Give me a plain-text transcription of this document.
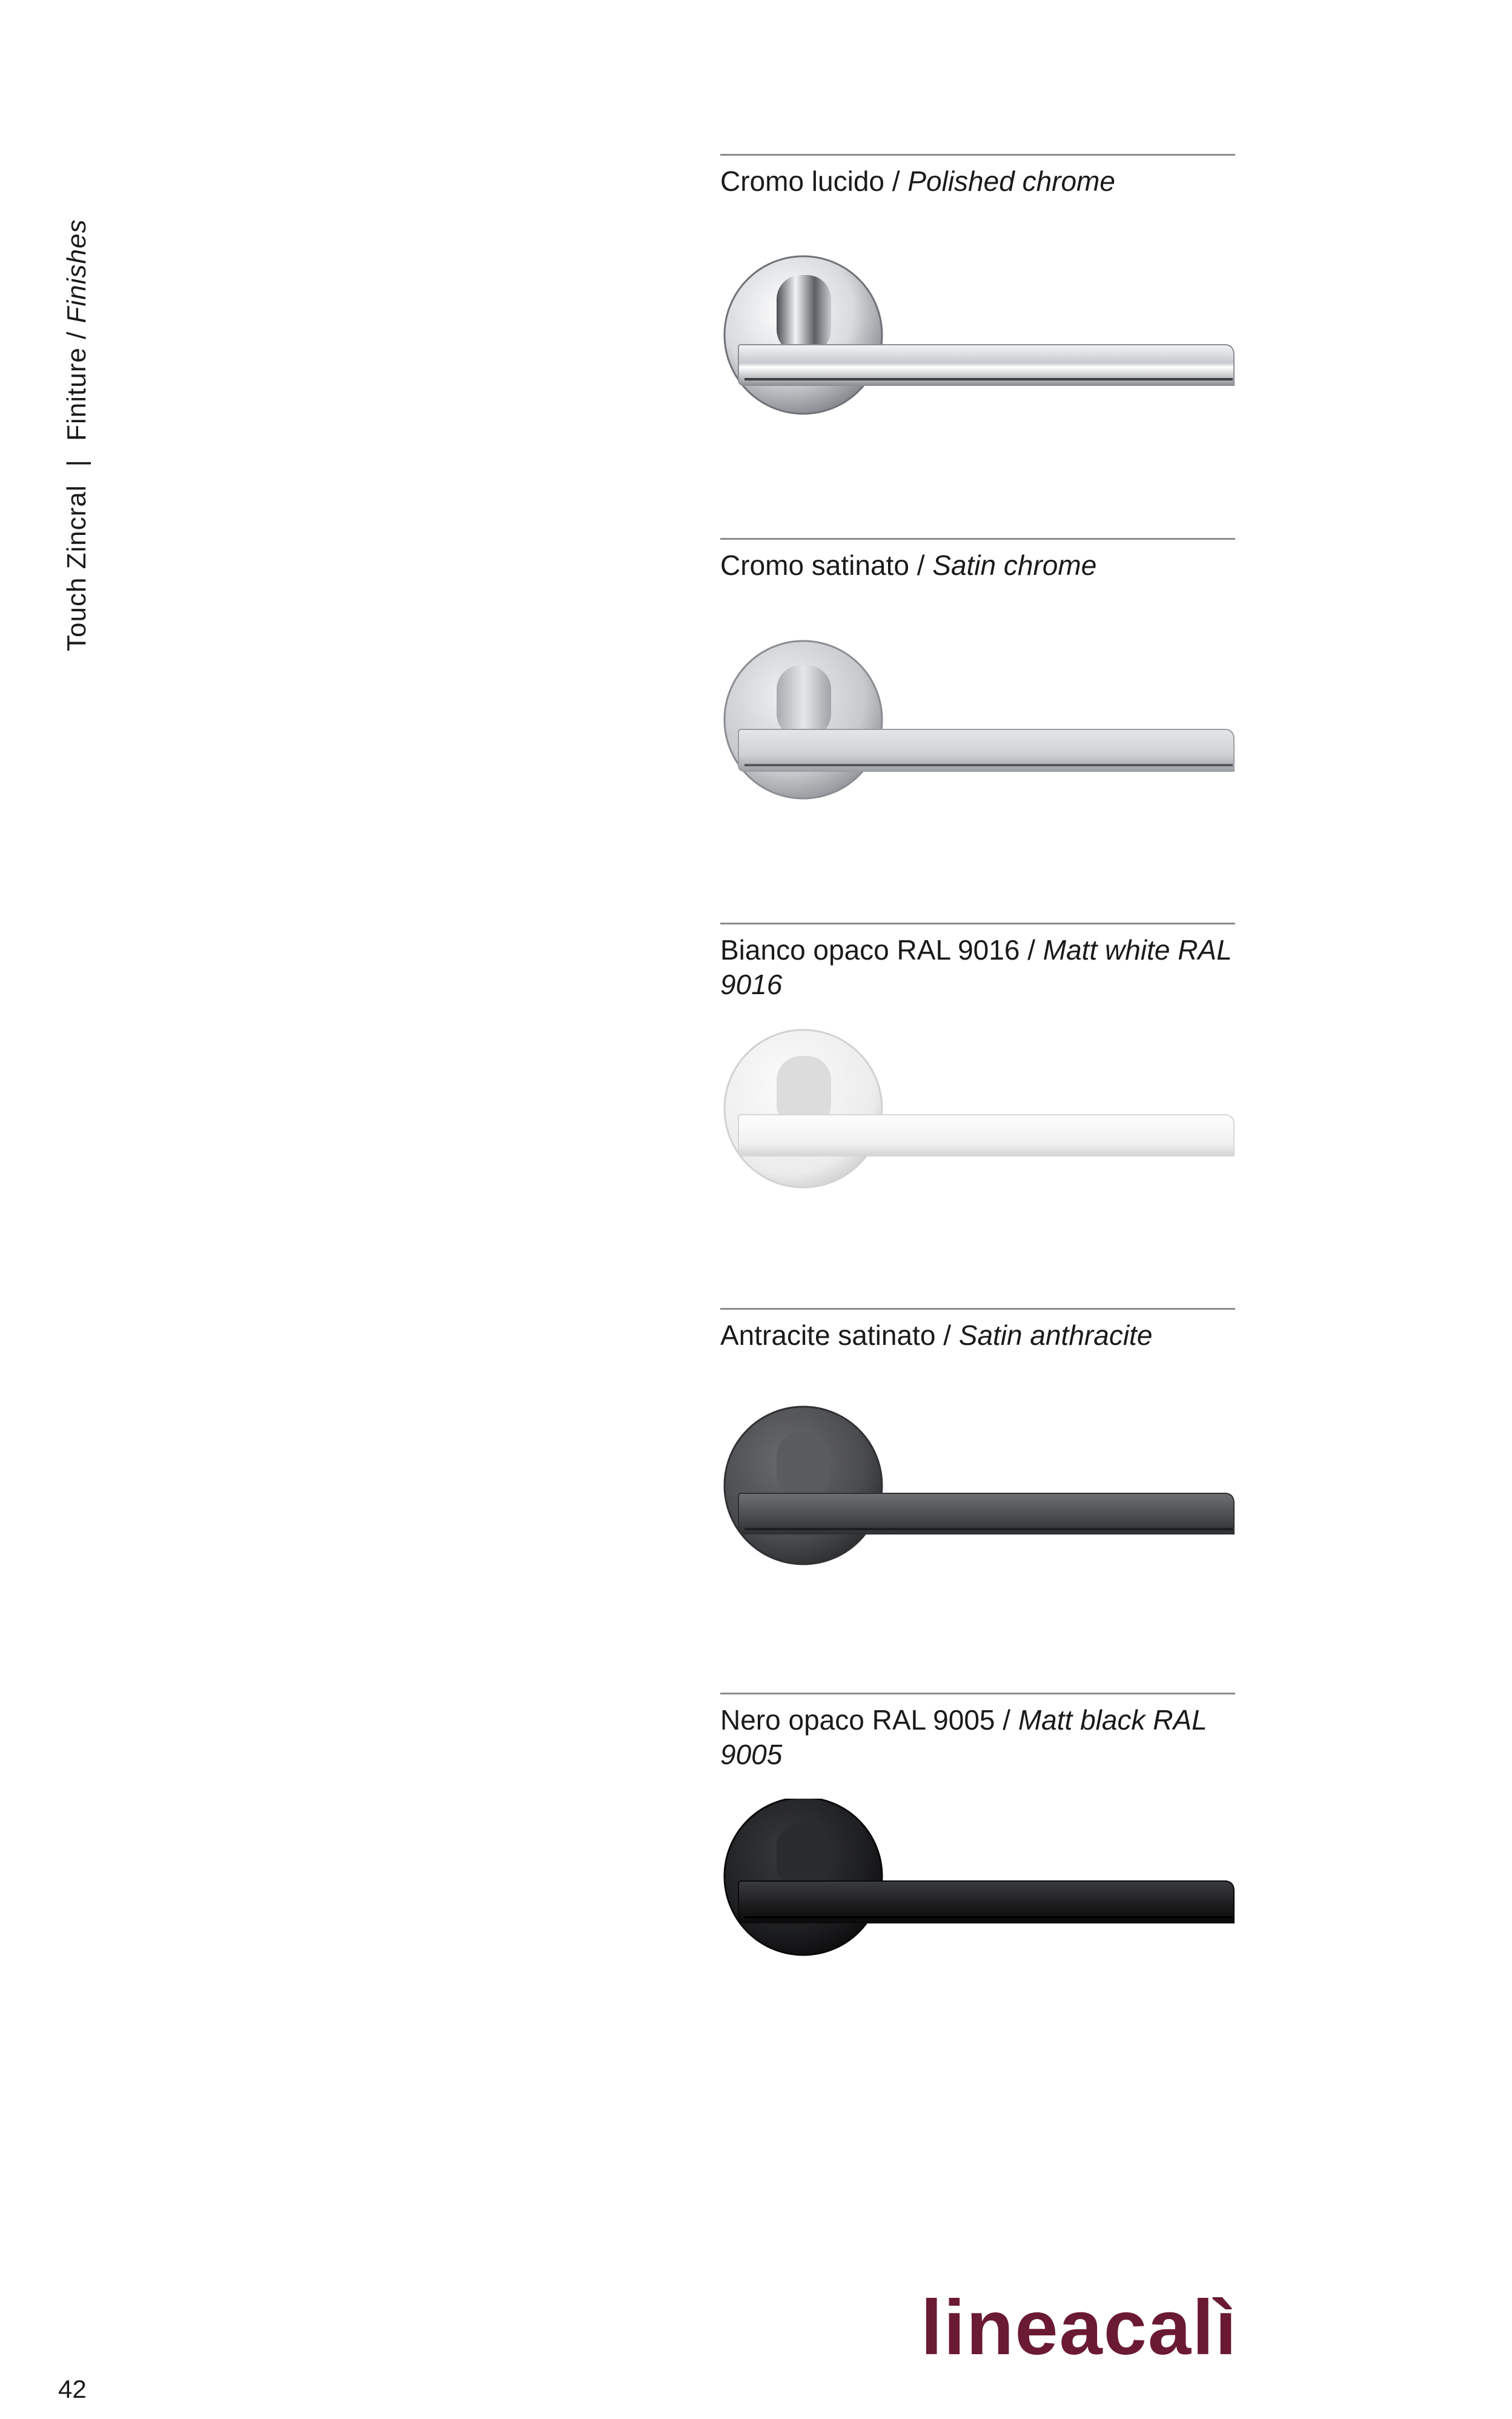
Touch Zincral|Finiture / Finishes
Cromo lucido / Polished chrome
Cromo satinato / Satin chrome
Bianco opaco RAL 9016 / Matt white RAL 9016
Antracite satinato / Satin anthracite
Nero opaco RAL 9005 / Matt black RAL 9005
42
lineacalì
